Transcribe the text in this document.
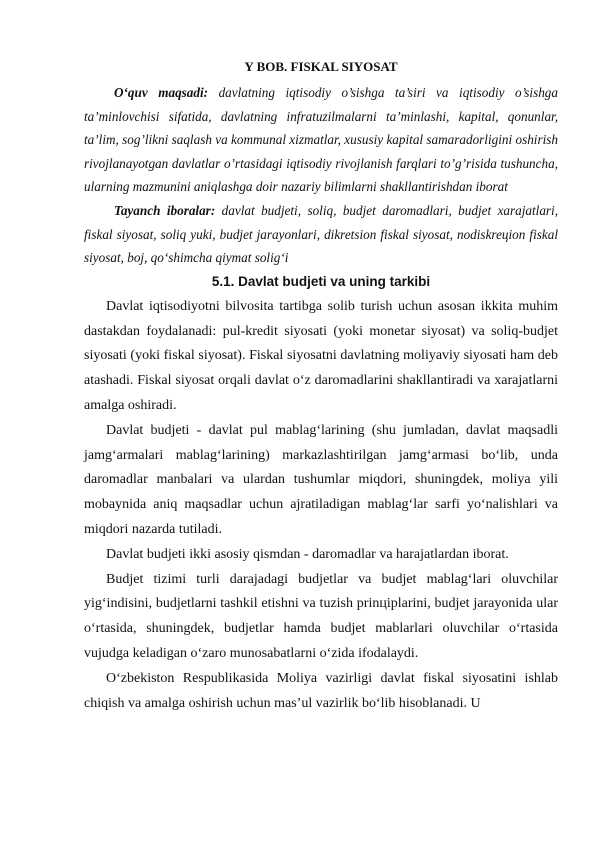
Y BOB. FISKAL SIYOSAT

O‘quv maqsadi: davlatning iqtisodiy o’sishga ta’siri va iqtisodiy o’sishga ta’minlovchisi sifatida, davlatning infratuzilmalarni ta’minlashi, kapital, qonunlar, ta’lim, sog’likni saqlash va kommunal xizmatlar, xususiy kapital samaradorligini oshirish rivojlanayotgan davlatlar o’rtasidagi iqtisodiy rivojlanish farqlari to’g’risida tushuncha, ularning mazmunini aniqlashga doir nazariy bilimlarni shakllantirishdan iborat

Tayanch iboralar: davlat budjeti, soliq, budjet daromadlari, budjet xarajatlari, fiskal siyosat, soliq yuki, budjet jarayonlari, dikretsion fiskal siyosat, nodiskreцion fiskal siyosat, boj, qo‘shimcha qiymat solig‘i

5.1. Davlat budjeti va uning tarkibi

Davlat iqtisodiyotni bilvosita tartibga solib turish uchun asosan ikkita muhim dastakdan foydalanadi: pul-kredit siyosati (yoki monetar siyosat) va soliq-budjet siyosati (yoki fiskal siyosat). Fiskal siyosatni davlatning moliyaviy siyosati ham deb atashadi. Fiskal siyosat orqali davlat o‘z daromadlarini shakllantiradi va xarajatlarni amalga oshiradi.

Davlat budjeti - davlat pul mablag‘larining (shu jumladan, davlat maqsadli jamg‘armalari mablag‘larining) markazlashtirilgan jamg‘armasi bo‘lib, unda daromadlar manbalari va ulardan tushumlar miqdori, shuningdek, moliya yili mobaynida aniq maqsadlar uchun ajratiladigan mablag‘lar sarfi yo‘nalishlari va miqdori nazarda tutiladi.

Davlat budjeti ikki asosiy qismdan - daromadlar va harajatlardan iborat.

Budjet tizimi turli darajadagi budjetlar va budjet mablag‘lari oluvchilar yig‘indisini, budjetlarni tashkil etishni va tuzish prinцiplarini, budjet jarayonida ular o‘rtasida, shuningdek, budjetlar hamda budjet mablarlari oluvchilar o‘rtasida vujudga keladigan o‘zaro munosabatlarni o‘zida ifodalaydi.

O‘zbekiston Respublikasida Moliya vazirligi davlat fiskal siyosatini ishlab chiqish va amalga oshirish uchun mas’ul vazirlik bo‘lib hisoblanadi. U
